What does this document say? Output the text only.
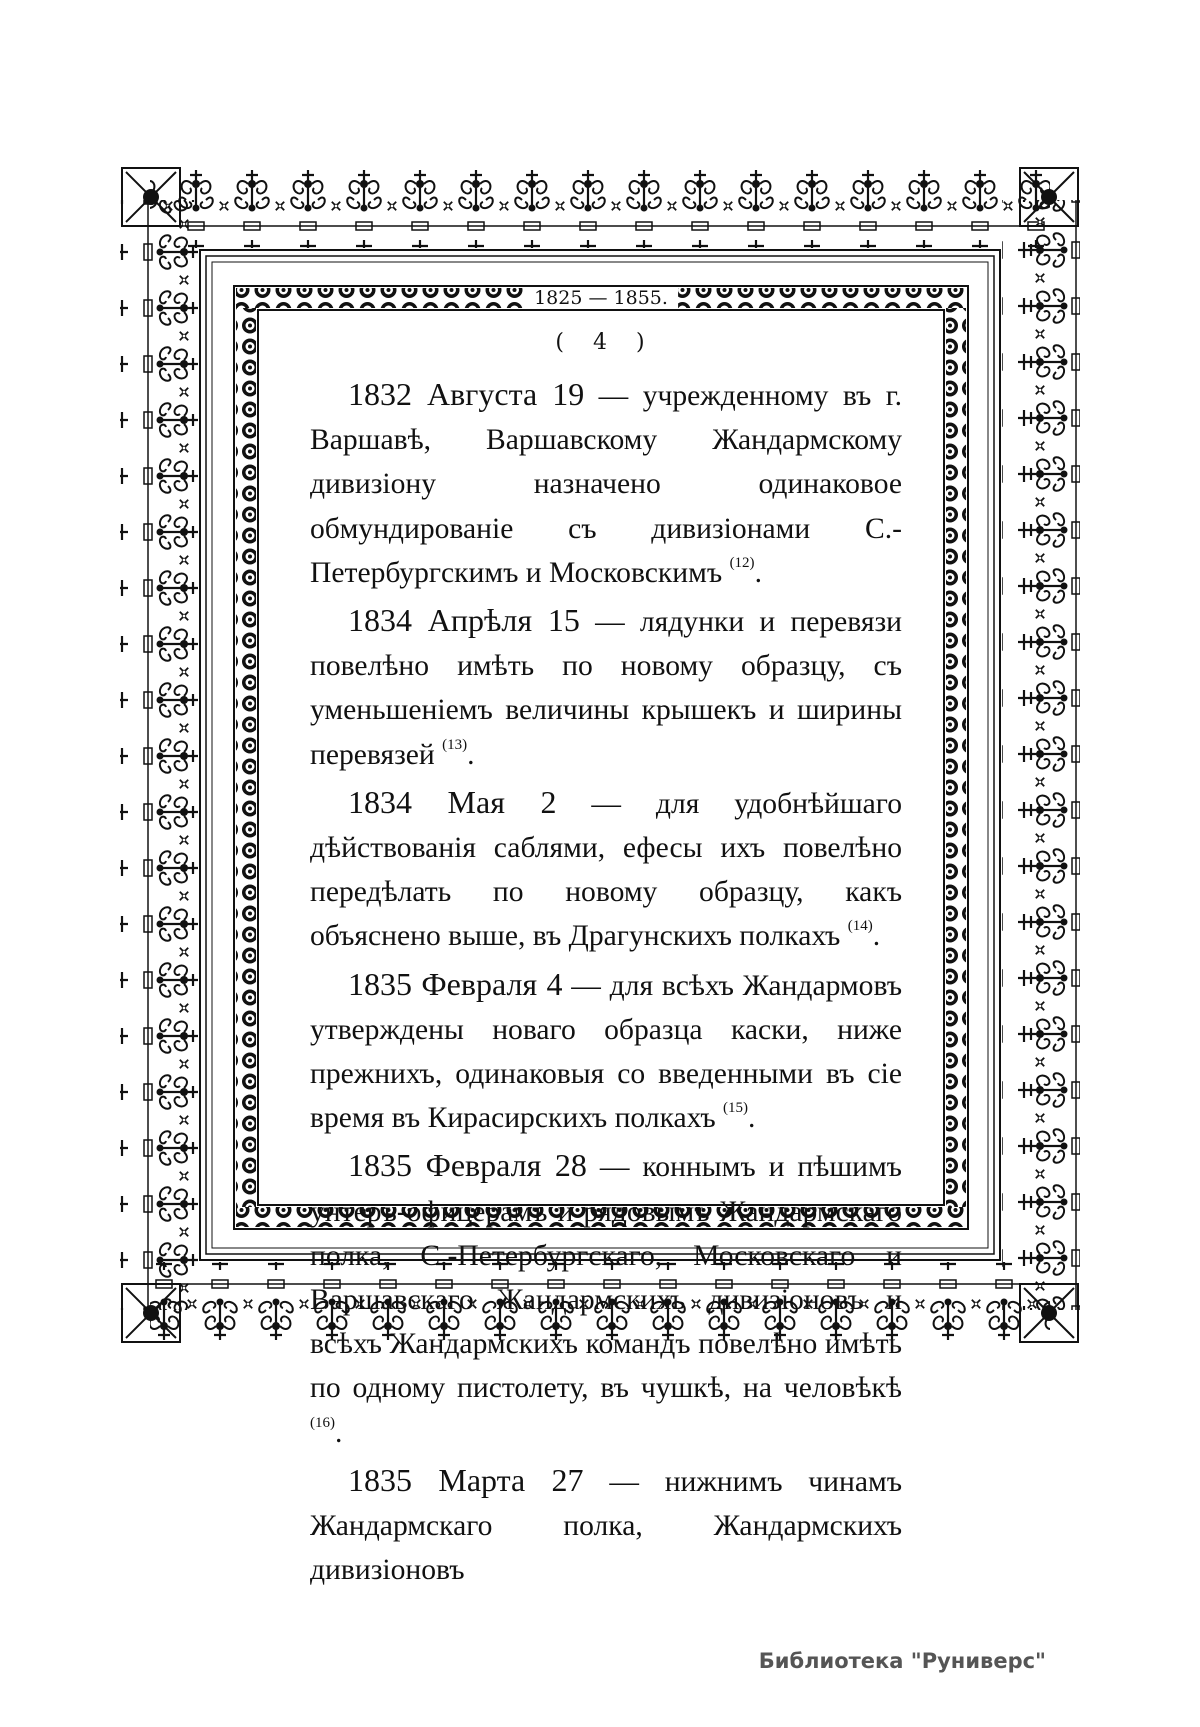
1825 — 1855.
( 4 )

1832 Августа 19 — учрежденному въ г. Варшавѣ, Варшавскому Жандармскому дивизіону назначено одинаковое обмундированіе съ дивизіонами С.-Петербургскимъ и Московскимъ $^{(12)}$.

1834 Апрѣля 15 — лядунки и перевязи повелѣно имѣть по новому образцу, съ уменьшеніемъ величины крышекъ и ширины перевязей $^{(13)}$.

1834 Мая 2 — для удобнѣйшаго дѣйствованія саблями, ефесы ихъ повелѣно передѣлать по новому образцу, какъ объяснено выше, въ Драгунскихъ полкахъ $^{(14)}$.

1835 Февраля 4 — для всѣхъ Жандармовъ утверждены новаго образца каски, ниже прежнихъ, одинаковыя со введенными въ сіе время въ Кирасирскихъ полкахъ $^{(15)}$.

1835 Февраля 28 — коннымъ и пѣшимъ унтеръ-офицерамъ и рядовымъ Жандармскаго полка, С.-Петербургскаго, Московскаго и Варшавскаго Жандармскихъ дивизіоновъ и всѣхъ Жандармскихъ командъ повелѣно имѣть по одному пистолету, въ чушкѣ, на человѣкѣ $^{(16)}$.

1835 Марта 27 — нижнимъ чинамъ Жандармскаго полка, Жандармскихъ дивизіоновъ

Библиотека "Руниверс"
